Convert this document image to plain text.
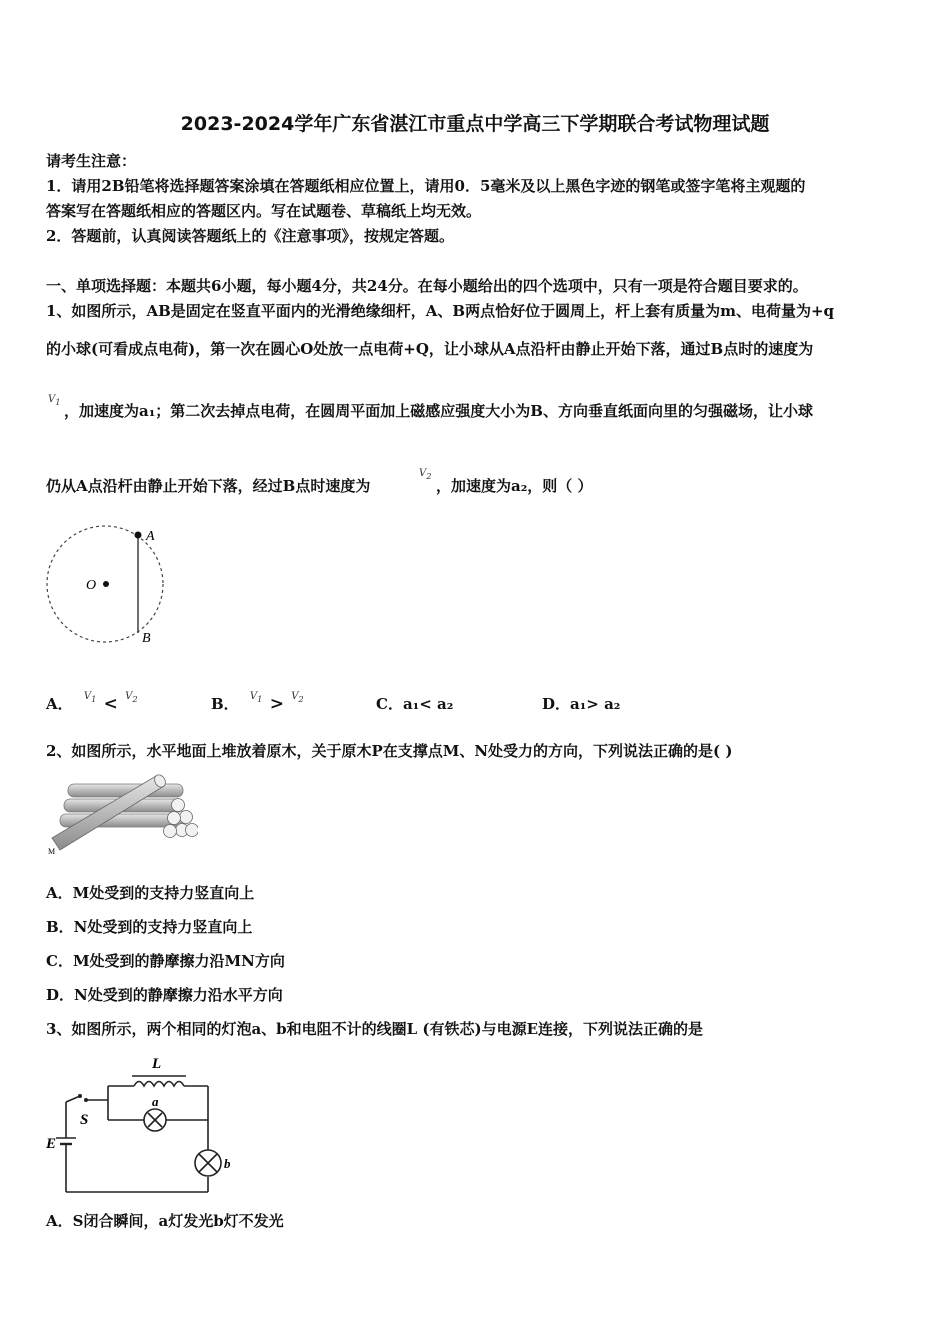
2023-2024学年广东省湛江市重点中学高三下学期联合考试物理试题
请考生注意：
1．请用2B铅笔将选择题答案涂填在答题纸相应位置上，请用0．5毫米及以上黑色字迹的钢笔或签字笔将主观题的
答案写在答题纸相应的答题区内。写在试题卷、草稿纸上均无效。
2．答题前，认真阅读答题纸上的《注意事项》，按规定答题。
一、单项选择题：本题共6小题，每小题4分，共24分。在每小题给出的四个选项中，只有一项是符合题目要求的。
1、如图所示，AB是固定在竖直平面内的光滑绝缘细杆，A、B两点恰好位于圆周上，杆上套有质量为m、电荷量为+q
的小球(可看成点电荷)，第一次在圆心O处放一点电荷+Q，让小球从A点沿杆由静止开始下落，通过B点时的速度为
$V_1$ ，加速度为a₁；第二次去掉点电荷，在圆周平面加上磁感应强度大小为B、方向垂直纸面向里的匀强磁场，让小球
仍从A点沿杆由静止开始下落，经过B点时速度为
$V_2$
，加速度为a₂，则（ ）
A
B
O
A． $^{V_1}$ < $^{V_2}$	B． $^{V_1}$ > $^{V_2}$	C．a₁< a₂	D．a₁> a₂
2、如图所示，水平地面上堆放着原木，关于原木P在支撑点M、N处受力的方向，下列说法正确的是( )
M
A．M处受到的支持力竖直向上
B．N处受到的支持力竖直向上
C．M处受到的静摩擦力沿MN方向
D．N处受到的静摩擦力沿水平方向
3、如图所示，两个相同的灯泡a、b和电阻不计的线圈L (有铁芯)与电源E连接，下列说法正确的是
L
a
b
S
E
A．S闭合瞬间，a灯发光b灯不发光
